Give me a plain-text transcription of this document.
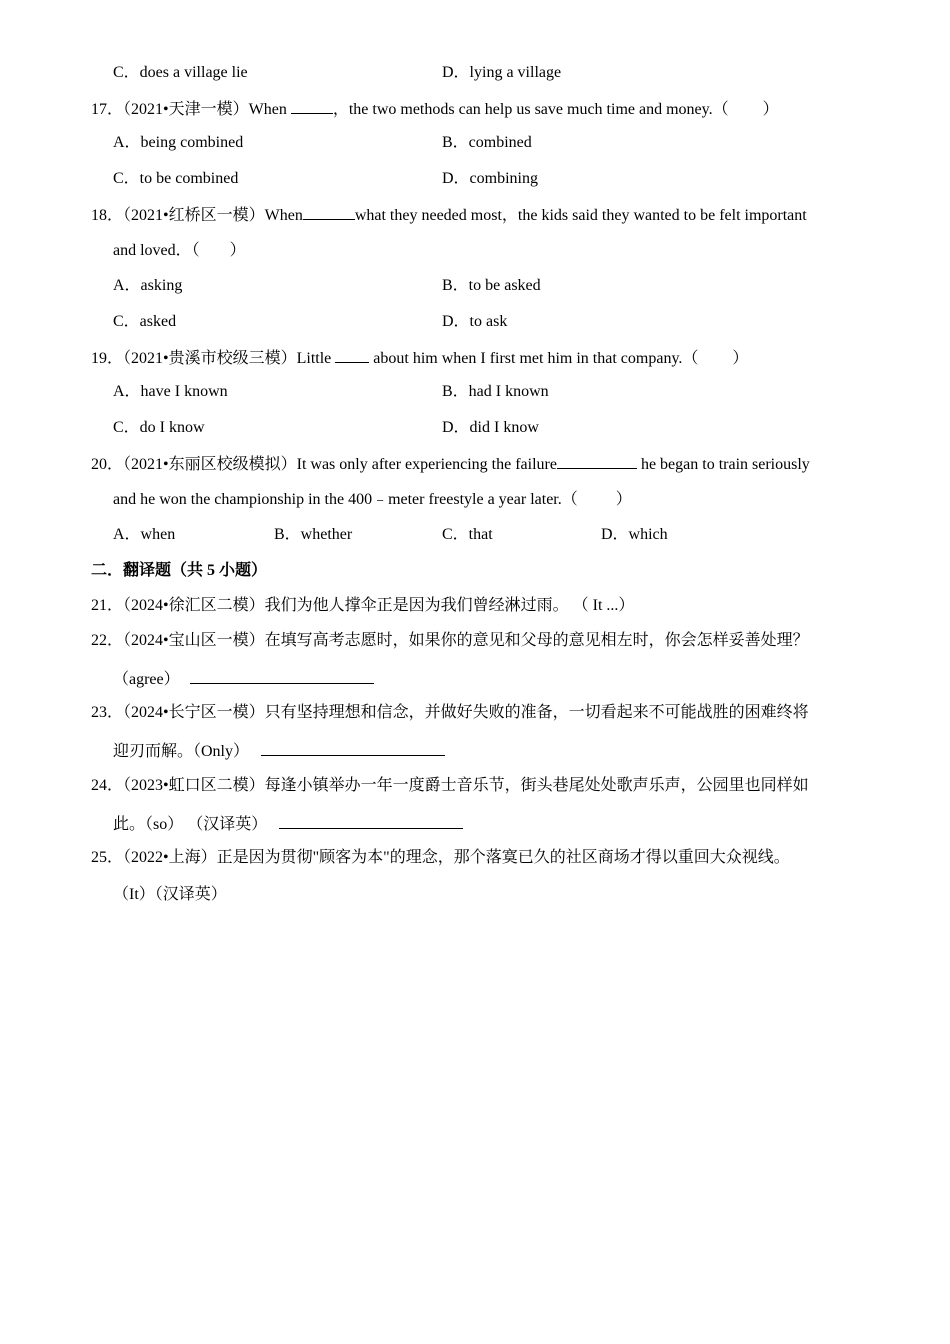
C．does a village lie	D．lying a village
17．（2021•天津一模）When	，the two methods can help us save much time and money.（ ）
A．being combined	B．combined
C．to be combined	D．combining
18．（2021•红桥区一模）When	what they needed most，the kids said they wanted to be felt important
and loved．（ ）
A．asking	B．to be asked
C．asked	D．to ask
19．（2021•贵溪市校级三模）Little  about him when I first met him in that company.（ ）
A．have I known	B．had I known
C．do I know	D．did I know
20．（2021•东丽区校级模拟）It was only after experiencing the failure	he began to train seriously
and he won the championship in the 400﹣meter freestyle a year later.（ ）
A．when	B．whether	C．that	D．which
二．翻译题（共 5 小题）
21．（2024•徐汇区二模）我们为他人撑伞正是因为我们曾经淋过雨。 （ It ...）
22．（2024•宝山区一模）在填写高考志愿时，如果你的意见和父母的意见相左时，你会怎样妥善处理？
（agree）
23．（2024•长宁区一模）只有坚持理想和信念，并做好失败的准备，一切看起来不可能战胜的困难终将
迎刃而解。（Only）
24．（2023•虹口区二模）每逢小镇举办一年一度爵士音乐节，街头巷尾处处歌声乐声，公园里也同样如
此。（so） （汉译英）
25．（2022•上海）正是因为贯彻"顾客为本"的理念，那个落寞已久的社区商场才得以重回大众视线。
（It）（汉译英）
